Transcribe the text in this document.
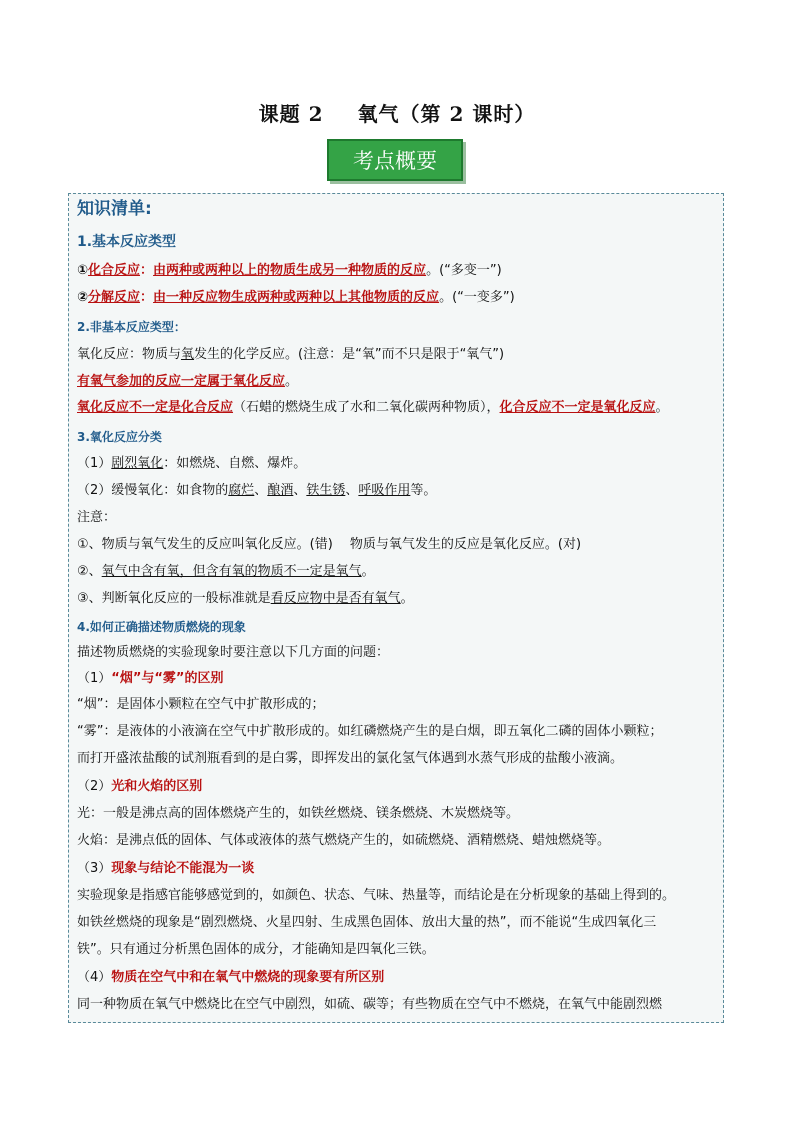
课题 2 氧气（第 2 课时）
考点概要
知识清单:
1.基本反应类型
①化合反应：由两种或两种以上的物质生成另一种物质的反应。(“多变一”)
②分解反应：由一种反应物生成两种或两种以上其他物质的反应。(“一变多”)
2.非基本反应类型：
氧化反应：物质与氧发生的化学反应。(注意：是“氧”而不只是限于“氧气”)
有氧气参加的反应一定属于氧化反应。
氧化反应不一定是化合反应（石蜡的燃烧生成了水和二氧化碳两种物质），化合反应不一定是氧化反应。
3.氧化反应分类
（1）剧烈氧化：如燃烧、自燃、爆炸。
（2）缓慢氧化：如食物的腐烂、酿酒、铁生锈、呼吸作用等。
注意：
①、物质与氧气发生的反应叫氧化反应。(错)　 物质与氧气发生的反应是氧化反应。(对)
②、氧气中含有氧，但含有氧的物质不一定是氧气。
③、判断氧化反应的一般标准就是看反应物中是否有氧气。
4.如何正确描述物质燃烧的现象
描述物质燃烧的实验现象时要注意以下几方面的问题：
（1）“烟”与“雾”的区别
“烟”：是固体小颗粒在空气中扩散形成的；
“雾”：是液体的小液滴在空气中扩散形成的。如红磷燃烧产生的是白烟，即五氧化二磷的固体小颗粒；
而打开盛浓盐酸的试剂瓶看到的是白雾，即挥发出的氯化氢气体遇到水蒸气形成的盐酸小液滴。
（2）光和火焰的区别
光：一般是沸点高的固体燃烧产生的，如铁丝燃烧、镁条燃烧、木炭燃烧等。
火焰：是沸点低的固体、气体或液体的蒸气燃烧产生的，如硫燃烧、酒精燃烧、蜡烛燃烧等。
（3）现象与结论不能混为一谈
实验现象是指感官能够感觉到的，如颜色、状态、气味、热量等，而结论是在分析现象的基础上得到的。
如铁丝燃烧的现象是“剧烈燃烧、火星四射、生成黑色固体、放出大量的热”，而不能说“生成四氧化三
铁”。只有通过分析黑色固体的成分，才能确知是四氧化三铁。
（4）物质在空气中和在氧气中燃烧的现象要有所区别
同一种物质在氧气中燃烧比在空气中剧烈，如硫、碳等；有些物质在空气中不燃烧，在氧气中能剧烈燃
